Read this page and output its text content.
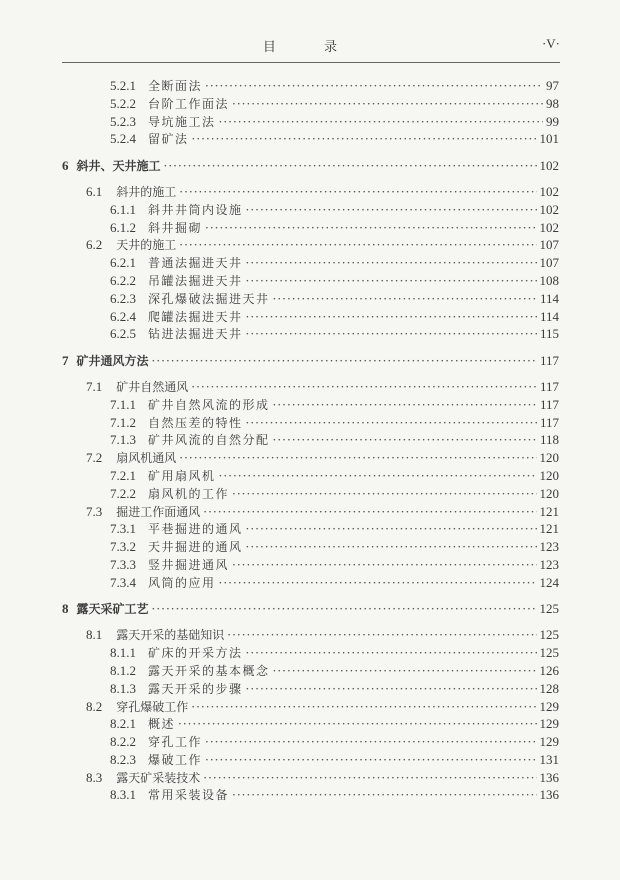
目 录	·V·
5.2.1 全断面法 ·····	97
5.2.2 台阶工作面法 ·····	98
5.2.3 导坑施工法 ·····	99
5.2.4 留矿法 ·····	101
6 斜井、天井施工 ·····	102
6.1 斜井的施工 ·····	102
6.1.1 斜井井筒内设施 ·····	102
6.1.2 斜井掘砌 ·····	102
6.2 天井的施工 ·····	107
6.2.1 普通法掘进天井 ·····	107
6.2.2 吊罐法掘进天井 ·····	108
6.2.3 深孔爆破法掘进天井 ·····	114
6.2.4 爬罐法掘进天井 ·····	114
6.2.5 钻进法掘进天井 ·····	115
7 矿井通风方法 ·····	117
7.1 矿井自然通风 ·····	117
7.1.1 矿井自然风流的形成 ·····	117
7.1.2 自然压差的特性 ·····	117
7.1.3 矿井风流的自然分配 ·····	118
7.2 扇风机通风 ·····	120
7.2.1 矿用扇风机 ·····	120
7.2.2 扇风机的工作 ·····	120
7.3 掘进工作面通风 ·····	121
7.3.1 平巷掘进的通风 ·····	121
7.3.2 天井掘进的通风 ·····	123
7.3.3 竖井掘进通风 ·····	123
7.3.4 风筒的应用 ·····	124
8 露天采矿工艺 ·····	125
8.1 露天开采的基础知识 ·····	125
8.1.1 矿床的开采方法 ·····	125
8.1.2 露天开采的基本概念 ·····	126
8.1.3 露天开采的步骤 ·····	128
8.2 穿孔爆破工作 ·····	129
8.2.1 概述 ·····	129
8.2.2 穿孔工作 ·····	129
8.2.3 爆破工作 ·····	131
8.3 露天矿采装技术 ·····	136
8.3.1 常用采装设备 ·····	136
